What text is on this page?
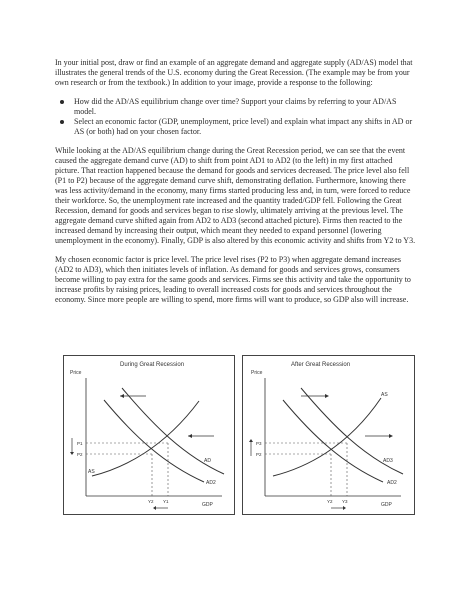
In your initial post, draw or find an example of an aggregate demand and aggregate supply (AD/AS) model that illustrates the general trends of the U.S. economy during the Great Recession. (The example may be from your own research or from the textbook.) In addition to your image, provide a response to the following:

How did the AD/AS equilibrium change over time? Support your claims by referring to your AD/AS model.
Select an economic factor (GDP, unemployment, price level) and explain what impact any shifts in AD or AS (or both) had on your chosen factor.

While looking at the AD/AS equilibrium change during the Great Recession period, we can see that the event caused the aggregate demand curve (AD) to shift from point AD1 to AD2 (to the left) in my first attached picture. That reaction happened because the demand for goods and services decreased. The price level also fell (P1 to P2) because of the aggregate demand curve shift, demonstrating deflation. Furthermore, knowing there was less activity/demand in the economy, many firms started producing less and, in turn, were forced to reduce their workforce. So, the unemployment rate increased and the quantity traded/GDP fell. Following the Great Recession, demand for goods and services began to rise slowly, ultimately arriving at the previous level. The aggregate demand curve shifted again from AD2 to AD3 (second attached picture). Firms then reacted to the increased demand by increasing their output, which meant they needed to expand personnel (lowering unemployment in the economy). Finally, GDP is also altered by this economic activity and shifts from Y2 to Y3.

My chosen economic factor is price level. The price level rises (P2 to P3) when aggregate demand increases (AD2 to AD3), which then initiates levels of inflation. As demand for goods and services grows, consumers become willing to pay extra for the same goods and services. Firms see this activity and take the opportunity to increase profits by raising prices, leading to overall increased costs for goods and services throughout the economy. Since more people are willing to spend, more firms will want to produce, so GDP also will increase.

During Great Recession
Price
GDP
AS
AD
AD2
P1
P2
Y1
Y2
After Great Recession
Price
GDP
AS
AD2
AD3
P3
P2
Y3
Y2
